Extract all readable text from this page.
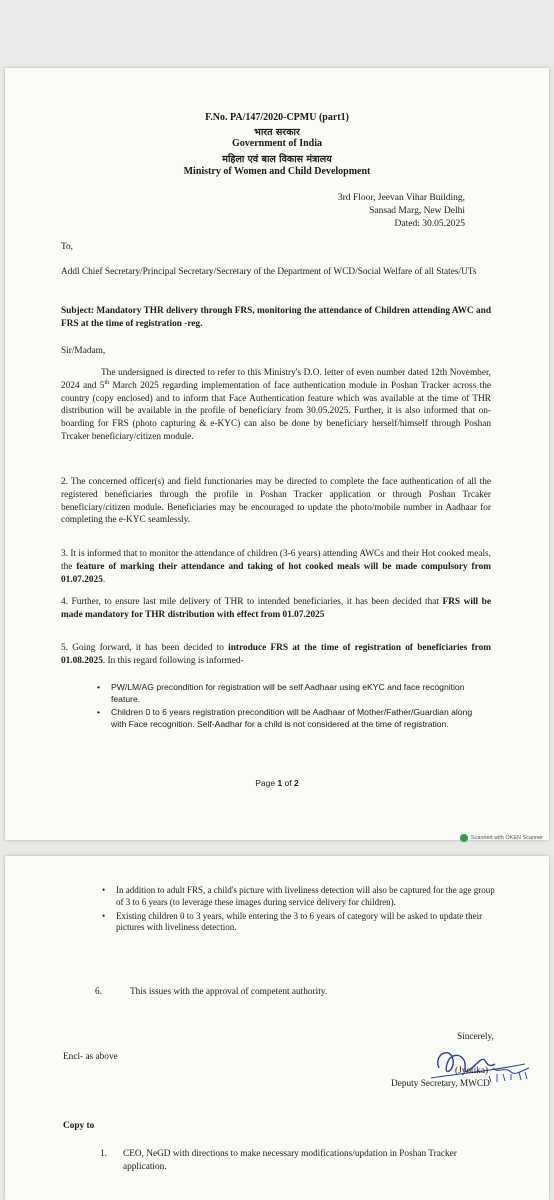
F.No. PA/147/2020-CPMU (part1)
भारत सरकार
Government of India
महिला एवं बाल विकास मंत्रालय
Ministry of Women and Child Development
3rd Floor, Jeevan Vihar Building,
Sansad Marg, New Delhi
Dated: 30.05.2025
To,
Addl Chief Secretary/Principal Secretary/Secretary of the Department of WCD/Social Welfare of all States/UTs
Subject: Mandatory THR delivery through FRS, monitoring the attendance of Children attending AWC and FRS at the time of registration -reg.
Sir/Madam,
The undersigned is directed to refer to this Ministry's D.O. letter of even number dated 12th November, 2024 and 5th March 2025 regarding implementation of face authentication module in Poshan Tracker across the country (copy enclosed) and to inform that Face Authentication feature which was available at the time of THR distribution will be available in the profile of beneficiary from 30.05.2025. Further, it is also informed that on-boarding for FRS (photo capturing & e-KYC) can also be done by beneficiary herself/himself through Poshan Trcaker beneficiary/citizen module.
2. The concerned officer(s) and field functionaries may be directed to complete the face authentication of all the registered beneficiaries through the profile in Poshan Tracker application or through Poshan Trcaker beneficiary/citizen module. Beneficiaries may be encouraged to update the photo/mobile number in Aadhaar for completing the e-KYC seamlessly.
3. It is informed that to monitor the attendance of children (3-6 years) attending AWCs and their Hot cooked meals, the feature of marking their attendance and taking of hot cooked meals will be made compulsory from 01.07.2025.
4. Further, to ensure last mile delivery of THR to intended beneficiaries, it has been decided that FRS will be made mandatory for THR distribution with effect from 01.07.2025
5. Going forward, it has been decided to introduce FRS at the time of registration of beneficiaries from 01.08.2025. In this regard following is informed-
• PW/LM/AG precondition for registration will be self Aadhaar using eKYC and face recognition feature.
• Children 0 to 6 years registration precondition will be Aadhaar of Mother/Father/Guardian along with Face recognition. Self-Aadhar for a child is not considered at the time of registration.
Page 1 of 2
Scanned with OKEN Scanner
• In addition to adult FRS, a child's picture with liveliness detection will also be captured for the age group of 3 to 6 years (to leverage these images during service delivery for children).
• Existing children 0 to 3 years, while entering the 3 to 6 years of category will be asked to update their pictures with liveliness detection.
6.	This issues with the approval of competent authority.
Sincerely,
(Jyotika)
Deputy Secretary, MWCD
Encl- as above
Copy to
1. CEO, NeGD with directions to make necessary modifications/updation in Poshan Tracker application.
